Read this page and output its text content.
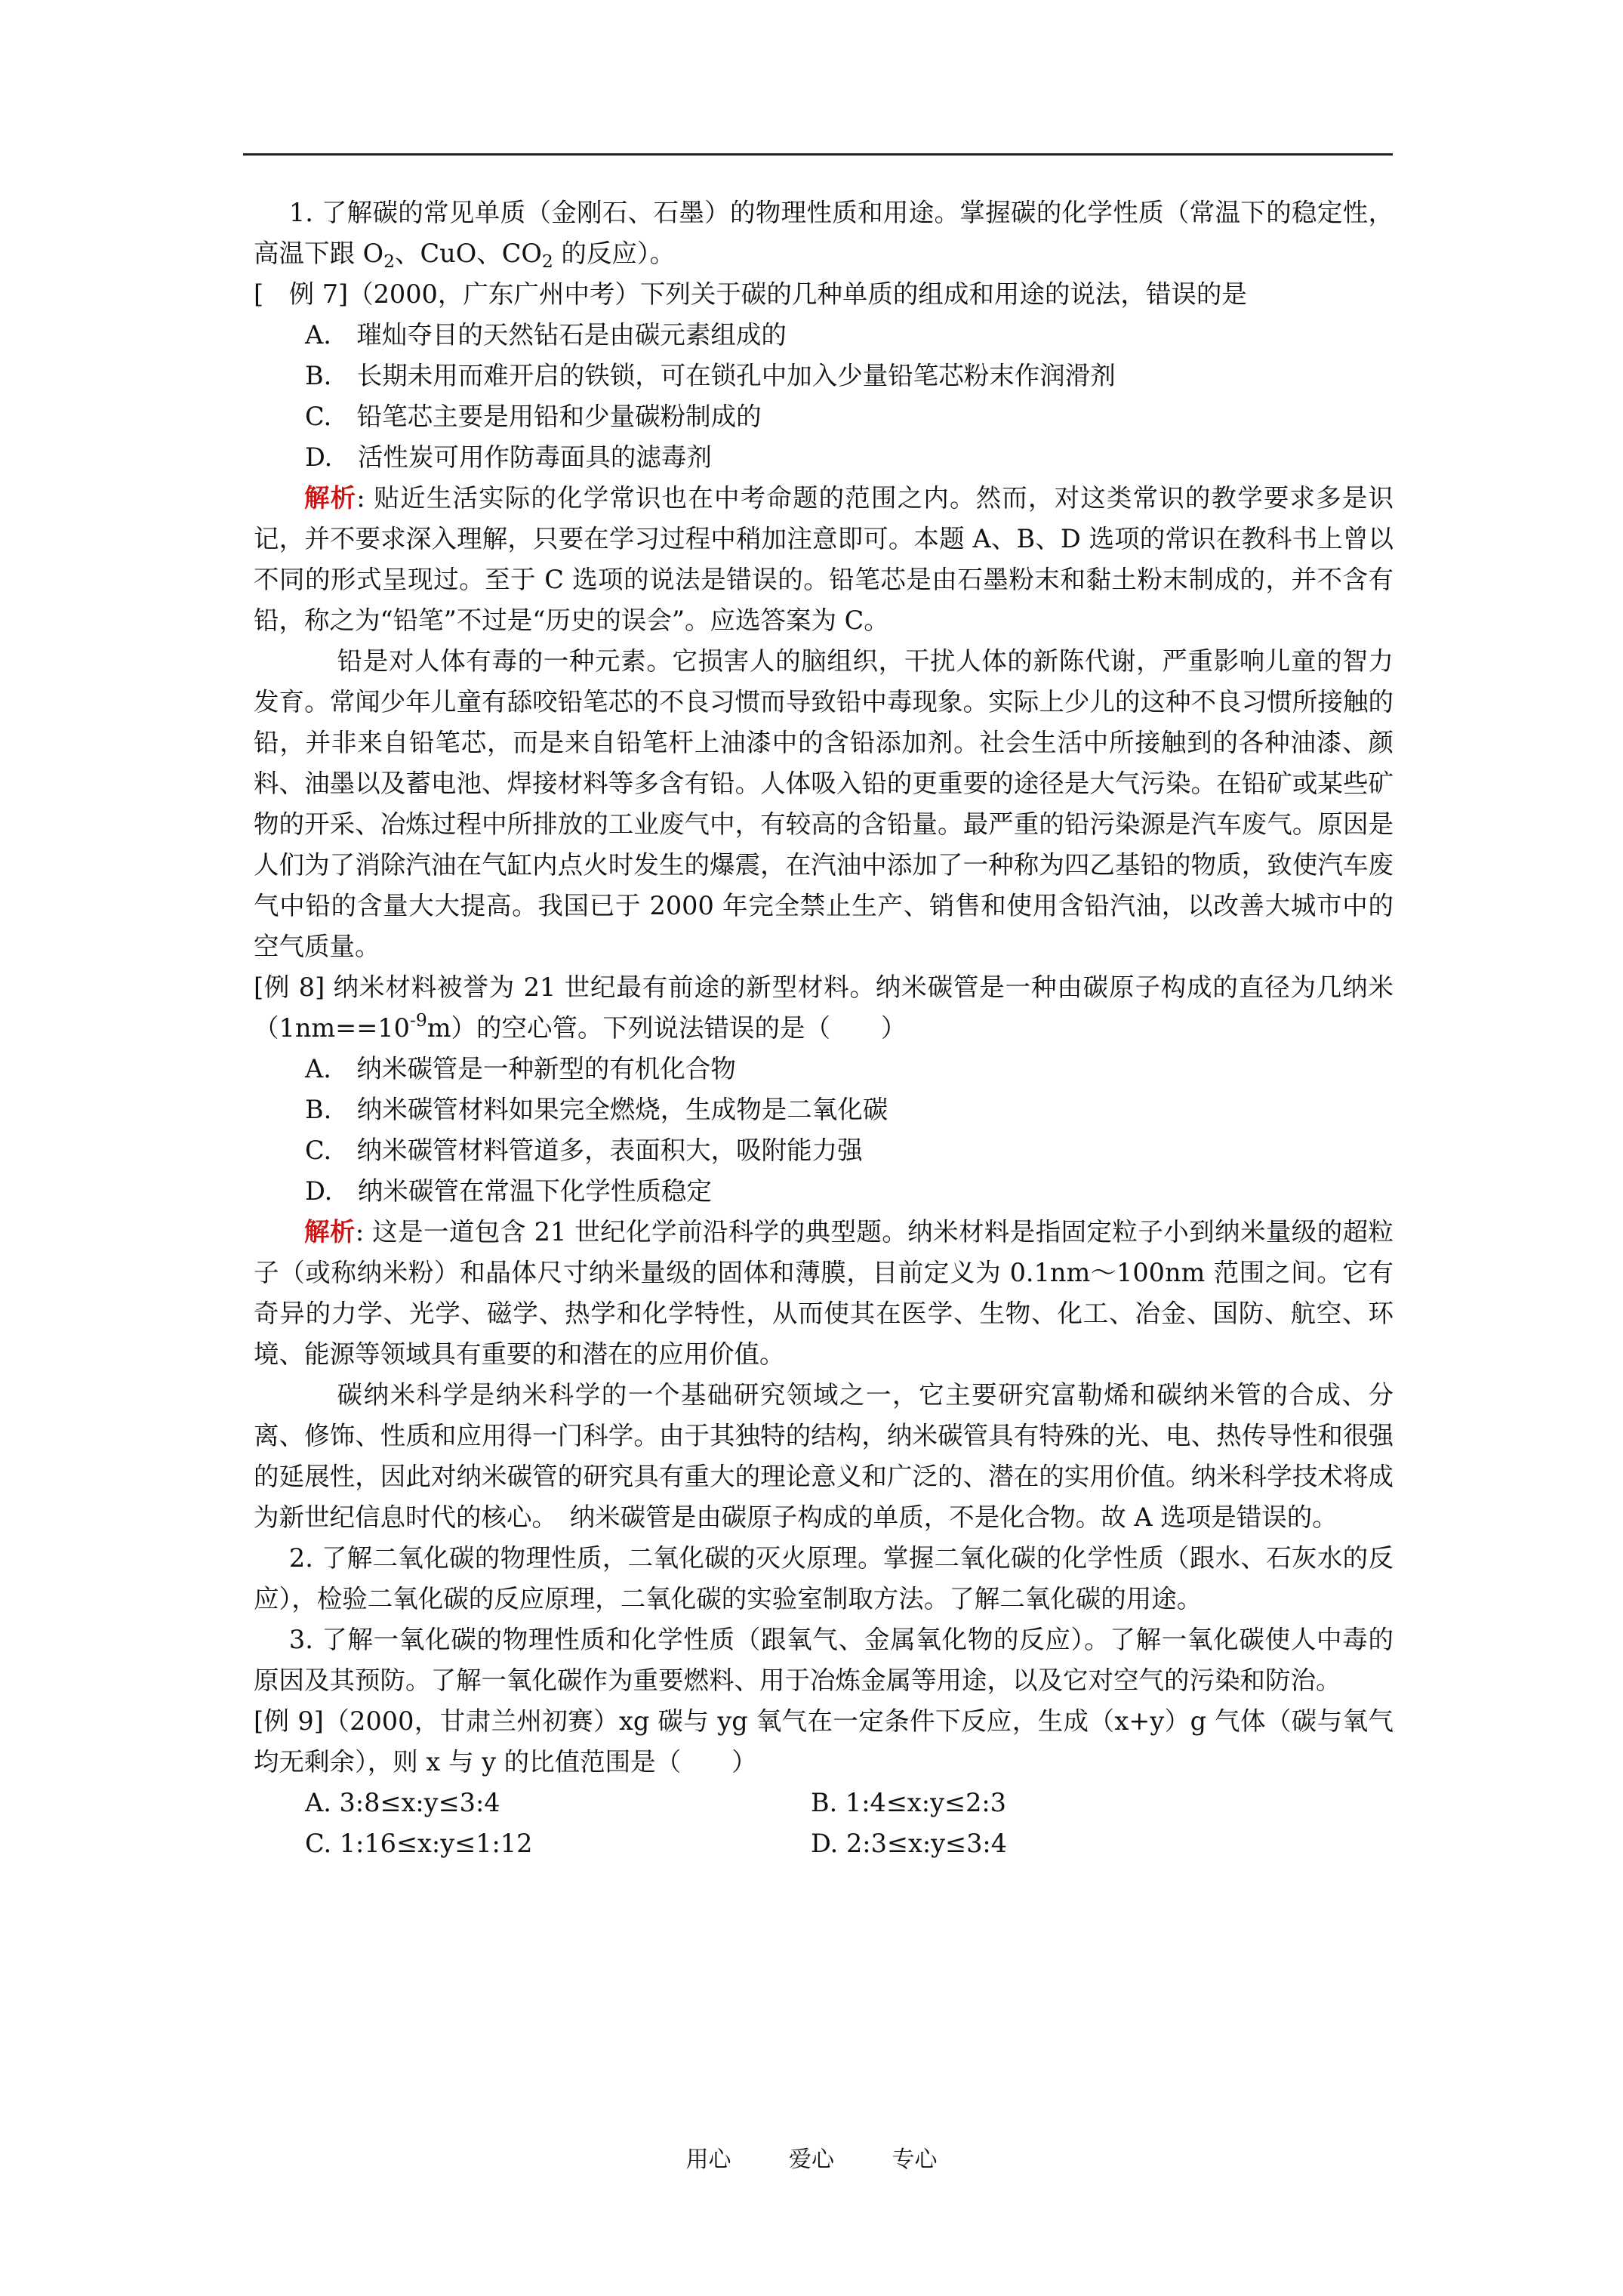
1. 了解碳的常见单质（金刚石、石墨）的物理性质和用途。掌握碳的化学性质（常温下的稳定性，高温下跟 $O_2$、CuO、$CO_2$ 的反应）。

[　例 7]（2000，广东广州中考）下列关于碳的几种单质的组成和用途的说法，错误的是

A.　璀灿夺目的天然钻石是由碳元素组成的

B.　长期未用而难开启的铁锁，可在锁孔中加入少量铅笔芯粉末作润滑剂

C.　铅笔芯主要是用铅和少量碳粉制成的

D.　活性炭可用作防毒面具的滤毒剂

解析: 贴近生活实际的化学常识也在中考命题的范围之内。然而，对这类常识的教学要求多是识记，并不要求深入理解，只要在学习过程中稍加注意即可。本题 A、B、D 选项的常识在教科书上曾以不同的形式呈现过。至于 C 选项的说法是错误的。铅笔芯是由石墨粉末和黏土粉末制成的，并不含有铅，称之为“铅笔”不过是“历史的误会”。应选答案为 C。

铅是对人体有毒的一种元素。它损害人的脑组织，干扰人体的新陈代谢，严重影响儿童的智力发育。常闻少年儿童有舔咬铅笔芯的不良习惯而导致铅中毒现象。实际上少儿的这种不良习惯所接触的铅，并非来自铅笔芯，而是来自铅笔杆上油漆中的含铅添加剂。社会生活中所接触到的各种油漆、颜料、油墨以及蓄电池、焊接材料等多含有铅。人体吸入铅的更重要的途径是大气污染。在铅矿或某些矿物的开采、冶炼过程中所排放的工业废气中，有较高的含铅量。最严重的铅污染源是汽车废气。原因是人们为了消除汽油在气缸内点火时发生的爆震，在汽油中添加了一种称为四乙基铅的物质，致使汽车废气中铅的含量大大提高。我国已于 2000 年完全禁止生产、销售和使用含铅汽油，以改善大城市中的空气质量。

[例 8] 纳米材料被誉为 21 世纪最有前途的新型材料。纳米碳管是一种由碳原子构成的直径为几纳米$(1nm==10^{-9}m)$的空心管。下列说法错误的是（　　）

A.　纳米碳管是一种新型的有机化合物

B.　纳米碳管材料如果完全燃烧，生成物是二氧化碳

C.　纳米碳管材料管道多，表面积大，吸附能力强

D.　纳米碳管在常温下化学性质稳定

解析: 这是一道包含 21 世纪化学前沿科学的典型题。纳米材料是指固定粒子小到纳米量级的超粒子（或称纳米粉）和晶体尺寸纳米量级的固体和薄膜，目前定义为 0.1nm～100nm 范围之间。它有奇异的力学、光学、磁学、热学和化学特性，从而使其在医学、生物、化工、冶金、国防、航空、环境、能源等领域具有重要的和潜在的应用价值。

碳纳米科学是纳米科学的一个基础研究领域之一，它主要研究富勒烯和碳纳米管的合成、分离、修饰、性质和应用得一门科学。由于其独特的结构，纳米碳管具有特殊的光、电、热传导性和很强的延展性，因此对纳米碳管的研究具有重大的理论意义和广泛的、潜在的实用价值。纳米科学技术将成为新世纪信息时代的核心。　纳米碳管是由碳原子构成的单质，不是化合物。故 A 选项是错误的。

2. 了解二氧化碳的物理性质，二氧化碳的灭火原理。掌握二氧化碳的化学性质（跟水、石灰水的反应），检验二氧化碳的反应原理，二氧化碳的实验室制取方法。了解二氧化碳的用途。

3. 了解一氧化碳的物理性质和化学性质（跟氧气、金属氧化物的反应）。了解一氧化碳使人中毒的原因及其预防。了解一氧化碳作为重要燃料、用于冶炼金属等用途，以及它对空气的污染和防治。

[例 9]（2000，甘肃兰州初赛）xg 碳与 yg 氧气在一定条件下反应，生成（x+y）g 气体（碳与氧气均无剩余），则 x 与 y 的比值范围是（　　）

A. 3:8≤x:y≤3:4	B. 1:4≤x:y≤2:3
C. 1:16≤x:y≤1:12	D. 2:3≤x:y≤3:4
用心	爱心	专心
